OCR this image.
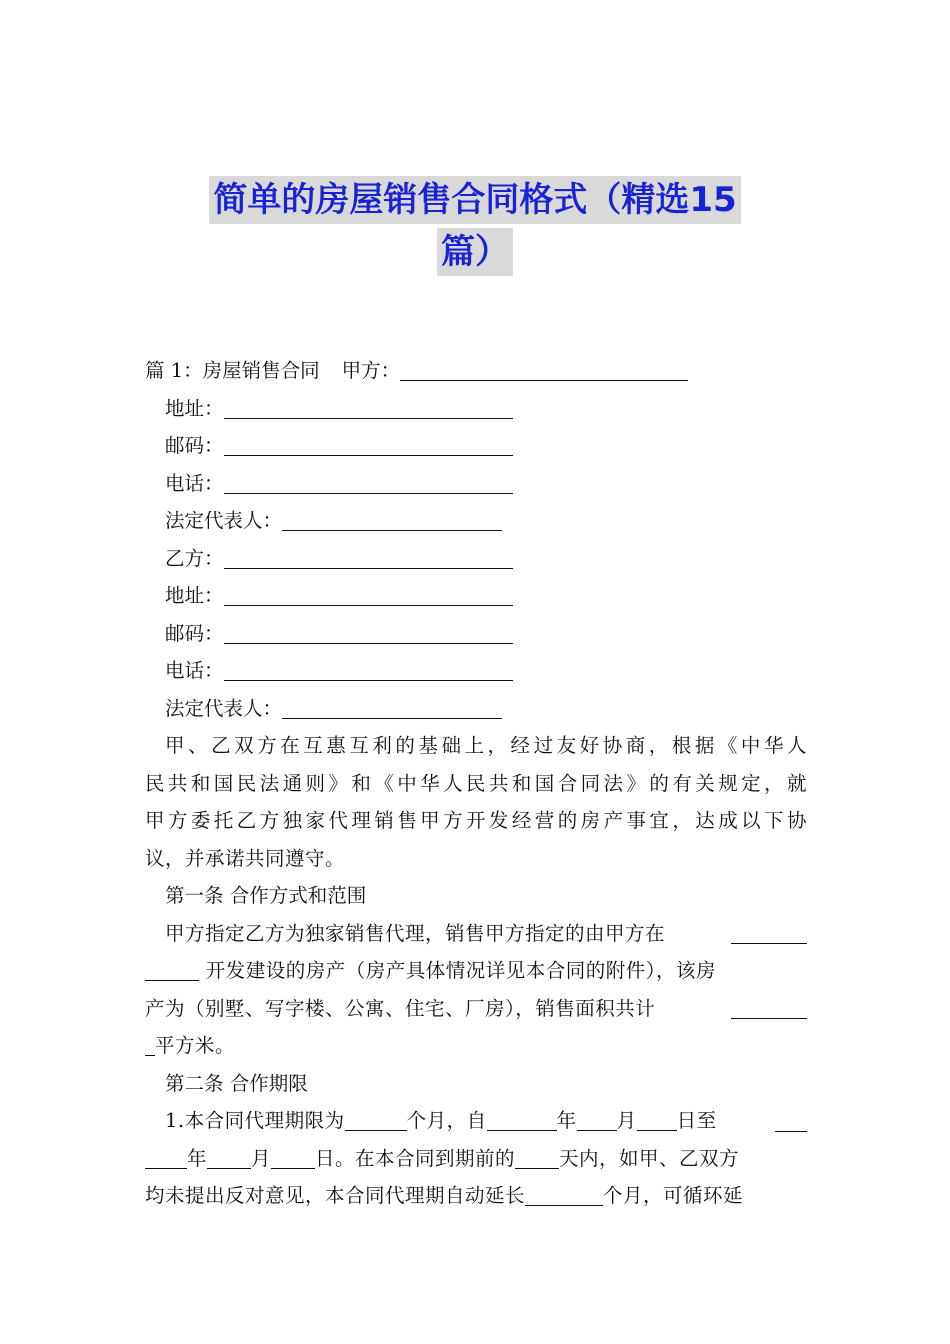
简单的房屋销售合同格式（精选15
篇）
篇 1：房屋销售合同 甲方：
地址：
邮码：
电话：
法定代表人：
乙方：
地址：
邮码：
电话：
法定代表人：
甲、乙双方在互惠互利的基础上，经过友好协商，根据《中华人
民共和国民法通则》和《中华人民共和国合同法》的有关规定，就
甲方委托乙方独家代理销售甲方开发经营的房产事宜，达成以下协
议，并承诺共同遵守。
第一条 合作方式和范围
甲方指定乙方为独家销售代理，销售甲方指定的由甲方在
开发建设的房产（房产具体情况详见本合同的附件），该房
产为（别墅、写字楼、公寓、住宅、厂房），销售面积共计
平方米。
第二条 合作期限
1.本合同代理期限为	个月，自	年 月 日至
年 月 日。在本合同到期前的 天内，如甲、乙双方
均未提出反对意见，本合同代理期自动延长	个月，可循环延
